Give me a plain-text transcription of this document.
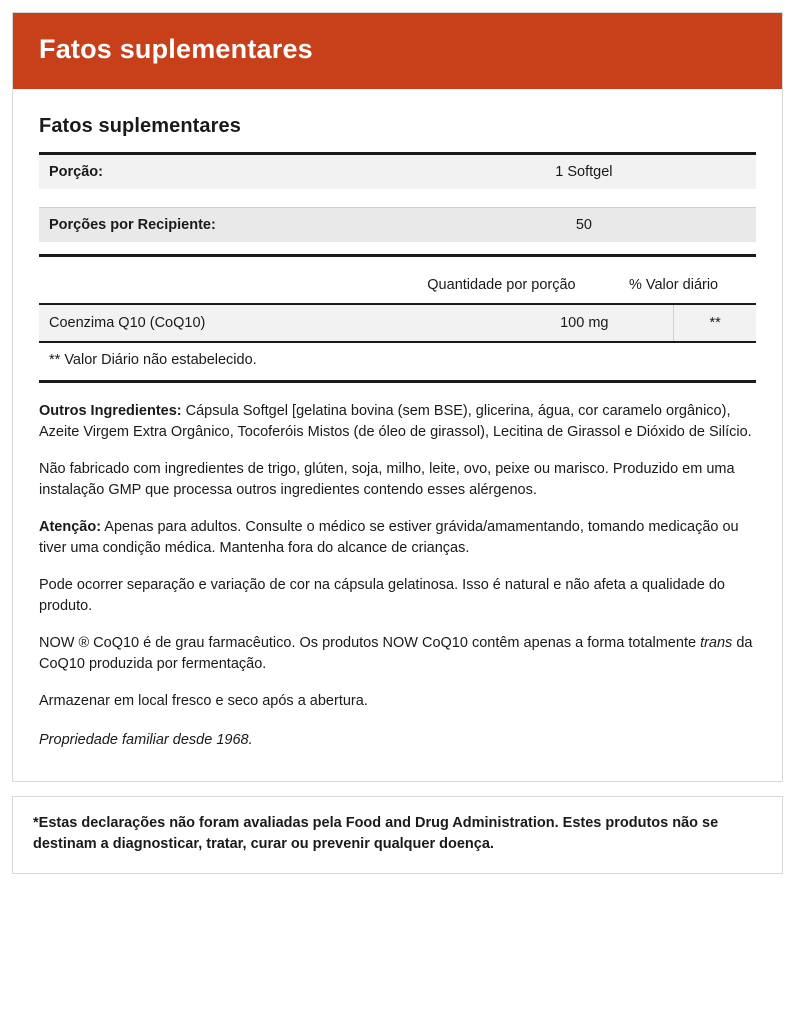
Fatos suplementares
Fatos suplementares
Porção:	1 Softgel

Porções por Recipiente:	50
	Quantidade por porção	% Valor diário
Coenzima Q10 (CoQ10)	100 mg	**
** Valor Diário não estabelecido.

Outros Ingredientes: Cápsula Softgel [gelatina bovina (sem BSE), glicerina, água, cor caramelo orgânico), Azeite Virgem Extra Orgânico, Tocoferóis Mistos (de óleo de girassol), Lecitina de Girassol e Dióxido de Silício.

Não fabricado com ingredientes de trigo, glúten, soja, milho, leite, ovo, peixe ou marisco. Produzido em uma instalação GMP que processa outros ingredientes contendo esses alérgenos.

Atenção: Apenas para adultos. Consulte o médico se estiver grávida/amamentando, tomando medicação ou tiver uma condição médica. Mantenha fora do alcance de crianças.

Pode ocorrer separação e variação de cor na cápsula gelatinosa. Isso é natural e não afeta a qualidade do produto.

NOW ® CoQ10 é de grau farmacêutico. Os produtos NOW CoQ10 contêm apenas a forma totalmente trans da CoQ10 produzida por fermentação.

Armazenar em local fresco e seco após a abertura.

Propriedade familiar desde 1968.

*Estas declarações não foram avaliadas pela Food and Drug Administration. Estes produtos não se destinam a diagnosticar, tratar, curar ou prevenir qualquer doença.
